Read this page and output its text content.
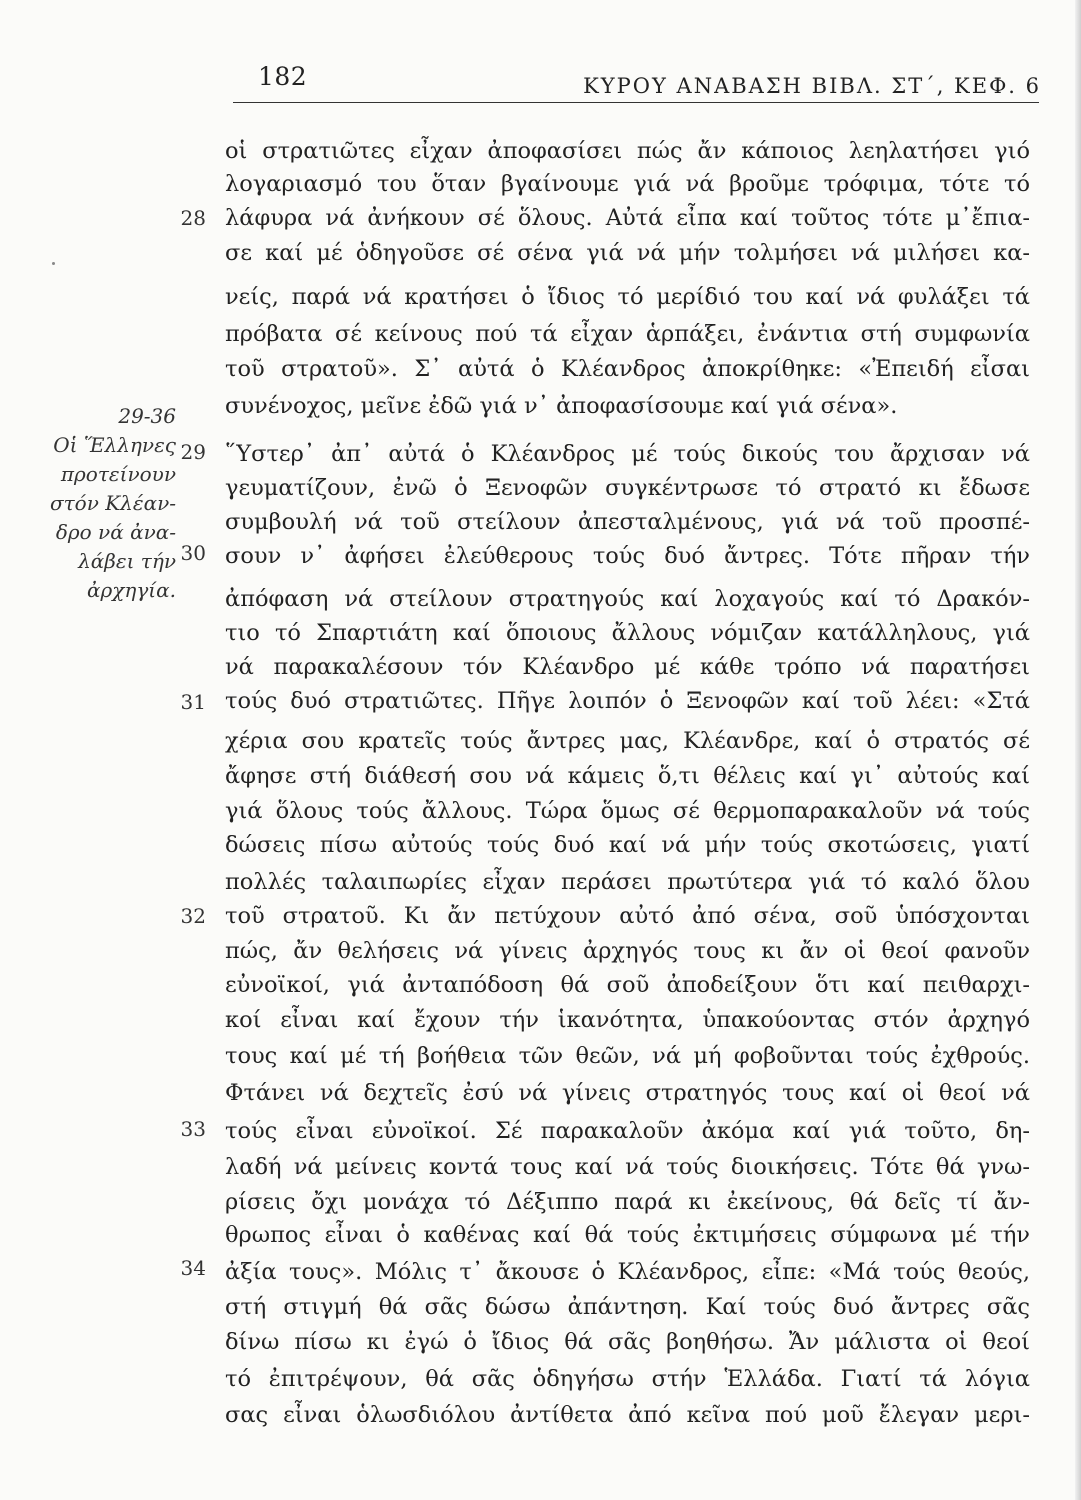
182	ΚΥΡΟΥ ΑΝΑΒΑΣΗ ΒΙΒΛ. ΣΤ΄, ΚΕΦ. 6
29-36
Οἱ Ἕλληνες
προτείνουν
στόν Κλέαν-
δρο νά ἀνα-
λάβει τήν
ἀρχηγία.
28
29
30
31
32
33
34
οἱ στρατιῶτες εἶχαν ἀποφασίσει πώς ἄν κάποιος λεηλατήσει γιό
λογαριασμό του ὅταν βγαίνουμε γιά νά βροῦμε τρόφιμα, τότε τό
λάφυρα νά ἀνήκουν σέ ὅλους. Αὐτά εἶπα καί τοῦτος τότε μ᾽ἔπια-
σε καί μέ ὁδηγοῦσε σέ σένα γιά νά μήν τολμήσει νά μιλήσει κα-
νείς, παρά νά κρατήσει ὁ ἴδιος τό μερίδιό του καί νά φυλάξει τά
πρόβατα σέ κείνους πού τά εἶχαν ἁρπάξει, ἐνάντια στή συμφωνία
τοῦ στρατοῦ». Σ᾽ αὐτά ὁ Κλέανδρος ἀποκρίθηκε: «Ἐπειδή εἶσαι
συνένοχος, μεῖνε ἐδῶ γιά ν᾽ ἀποφασίσουμε καί γιά σένα».
῞Υστερ᾽ ἀπ᾽ αὐτά ὁ Κλέανδρος μέ τούς δικούς του ἄρχισαν νά
γευματίζουν, ἐνῶ ὁ Ξενοφῶν συγκέντρωσε τό στρατό κι ἔδωσε
συμβουλή νά τοῦ στείλουν ἀπεσταλμένους, γιά νά τοῦ προσπέ-
σουν ν᾽ ἀφήσει ἐλεύθερους τούς δυό ἄντρες. Τότε πῆραν τήν
ἀπόφαση νά στείλουν στρατηγούς καί λοχαγούς καί τό Δρακόν-
τιο τό Σπαρτιάτη καί ὅποιους ἄλλους νόμιζαν κατάλληλους, γιά
νά παρακαλέσουν τόν Κλέανδρο μέ κάθε τρόπο νά παρατήσει
τούς δυό στρατιῶτες. Πῆγε λοιπόν ὁ Ξενοφῶν καί τοῦ λέει: «Στά
χέρια σου κρατεῖς τούς ἄντρες μας, Κλέανδρε, καί ὁ στρατός σέ
ἄφησε στή διάθεσή σου νά κάμεις ὅ,τι θέλεις καί γι᾽ αὐτούς καί
γιά ὅλους τούς ἄλλους. Τώρα ὅμως σέ θερμοπαρακαλοῦν νά τούς
δώσεις πίσω αὐτούς τούς δυό καί νά μήν τούς σκοτώσεις, γιατί
πολλές ταλαιπωρίες εἶχαν περάσει πρωτύτερα γιά τό καλό ὅλου
τοῦ στρατοῦ. Κι ἄν πετύχουν αὐτό ἀπό σένα, σοῦ ὑπόσχονται
πώς, ἄν θελήσεις νά γίνεις ἀρχηγός τους κι ἄν οἱ θεοί φανοῦν
εὐνοϊκοί, γιά ἀνταπόδοση θά σοῦ ἀποδείξουν ὅτι καί πειθαρχι-
κοί εἶναι καί ἔχουν τήν ἱκανότητα, ὑπακούοντας στόν ἀρχηγό
τους καί μέ τή βοήθεια τῶν θεῶν, νά μή φοβοῦνται τούς ἐχθρούς.
Φτάνει νά δεχτεῖς ἐσύ νά γίνεις στρατηγός τους καί οἱ θεοί νά
τούς εἶναι εὐνοϊκοί. Σέ παρακαλοῦν ἀκόμα καί γιά τοῦτο, δη-
λαδή νά μείνεις κοντά τους καί νά τούς διοικήσεις. Τότε θά γνω-
ρίσεις ὄχι μονάχα τό Δέξιππο παρά κι ἐκείνους, θά δεῖς τί ἄν-
θρωπος εἶναι ὁ καθένας καί θά τούς ἐκτιμήσεις σύμφωνα μέ τήν
ἀξία τους». Μόλις τ᾽ ἄκουσε ὁ Κλέανδρος, εἶπε: «Μά τούς θεούς,
στή στιγμή θά σᾶς δώσω ἀπάντηση. Καί τούς δυό ἄντρες σᾶς
δίνω πίσω κι ἐγώ ὁ ἴδιος θά σᾶς βοηθήσω. Ἄν μάλιστα οἱ θεοί
τό ἐπιτρέψουν, θά σᾶς ὁδηγήσω στήν Ἑλλάδα. Γιατί τά λόγια
σας εἶναι ὁλωσδιόλου ἀντίθετα ἀπό κεῖνα πού μοῦ ἔλεγαν μερι-
